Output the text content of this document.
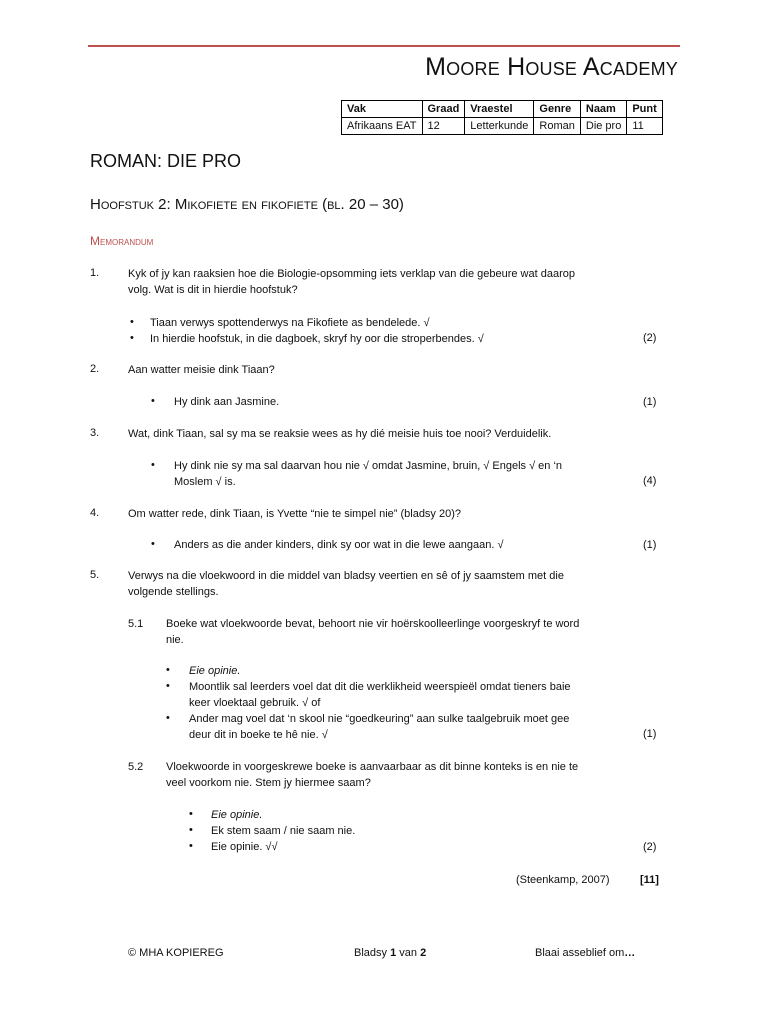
Moore House Academy
Vak	Graad	Vraestel	Genre	Naam	Punt
Afrikaans EAT	12	Letterkunde	Roman	Die pro	11
ROMAN: DIE PRO
Hoofstuk 2: Mikofiete en fikofiete (bl. 20 – 30)
Memorandum
1.	Kyk of jy kan raaksien hoe die Biologie-opsomming iets verklap van die gebeure wat daarop
volg. Wat is dit in hierdie hoofstuk?
• Tiaan verwys spottenderwys na Fikofiete as bendelede. √
• In hierdie hoofstuk, in die dagboek, skryf hy oor die stroperbendes. √	(2)
2.	Aan watter meisie dink Tiaan?
• Hy dink aan Jasmine.	(1)
3.	Wat, dink Tiaan, sal sy ma se reaksie wees as hy dié meisie huis toe nooi? Verduidelik.
• Hy dink nie sy ma sal daarvan hou nie √ omdat Jasmine, bruin, √ Engels √ en ‘n
Moslem √ is.	(4)
4.	Om watter rede, dink Tiaan, is Yvette “nie te simpel nie” (bladsy 20)?
• Anders as die ander kinders, dink sy oor wat in die lewe aangaan. √	(1)
5.	Verwys na die vloekwoord in die middel van bladsy veertien en sê of jy saamstem met die
volgende stellings.
5.1 Boeke wat vloekwoorde bevat, behoort nie vir hoërskoolleerlinge voorgeskryf te word
nie.
• Eie opinie.
• Moontlik sal leerders voel dat dit die werklikheid weerspieël omdat tieners baie
keer vloektaal gebruik. √ of
• Ander mag voel dat ‘n skool nie “goedkeuring” aan sulke taalgebruik moet gee
deur dit in boeke te hê nie. √	(1)
5.2 Vloekwoorde in voorgeskrewe boeke is aanvaarbaar as dit binne konteks is en nie te
veel voorkom nie. Stem jy hiermee saam?
• Eie opinie.
• Ek stem saam / nie saam nie.
• Eie opinie. √√	(2)
(Steenkamp, 2007)	[11]
© MHA KOPIEREG	Bladsy 1 van 2	Blaai asseblief om…
